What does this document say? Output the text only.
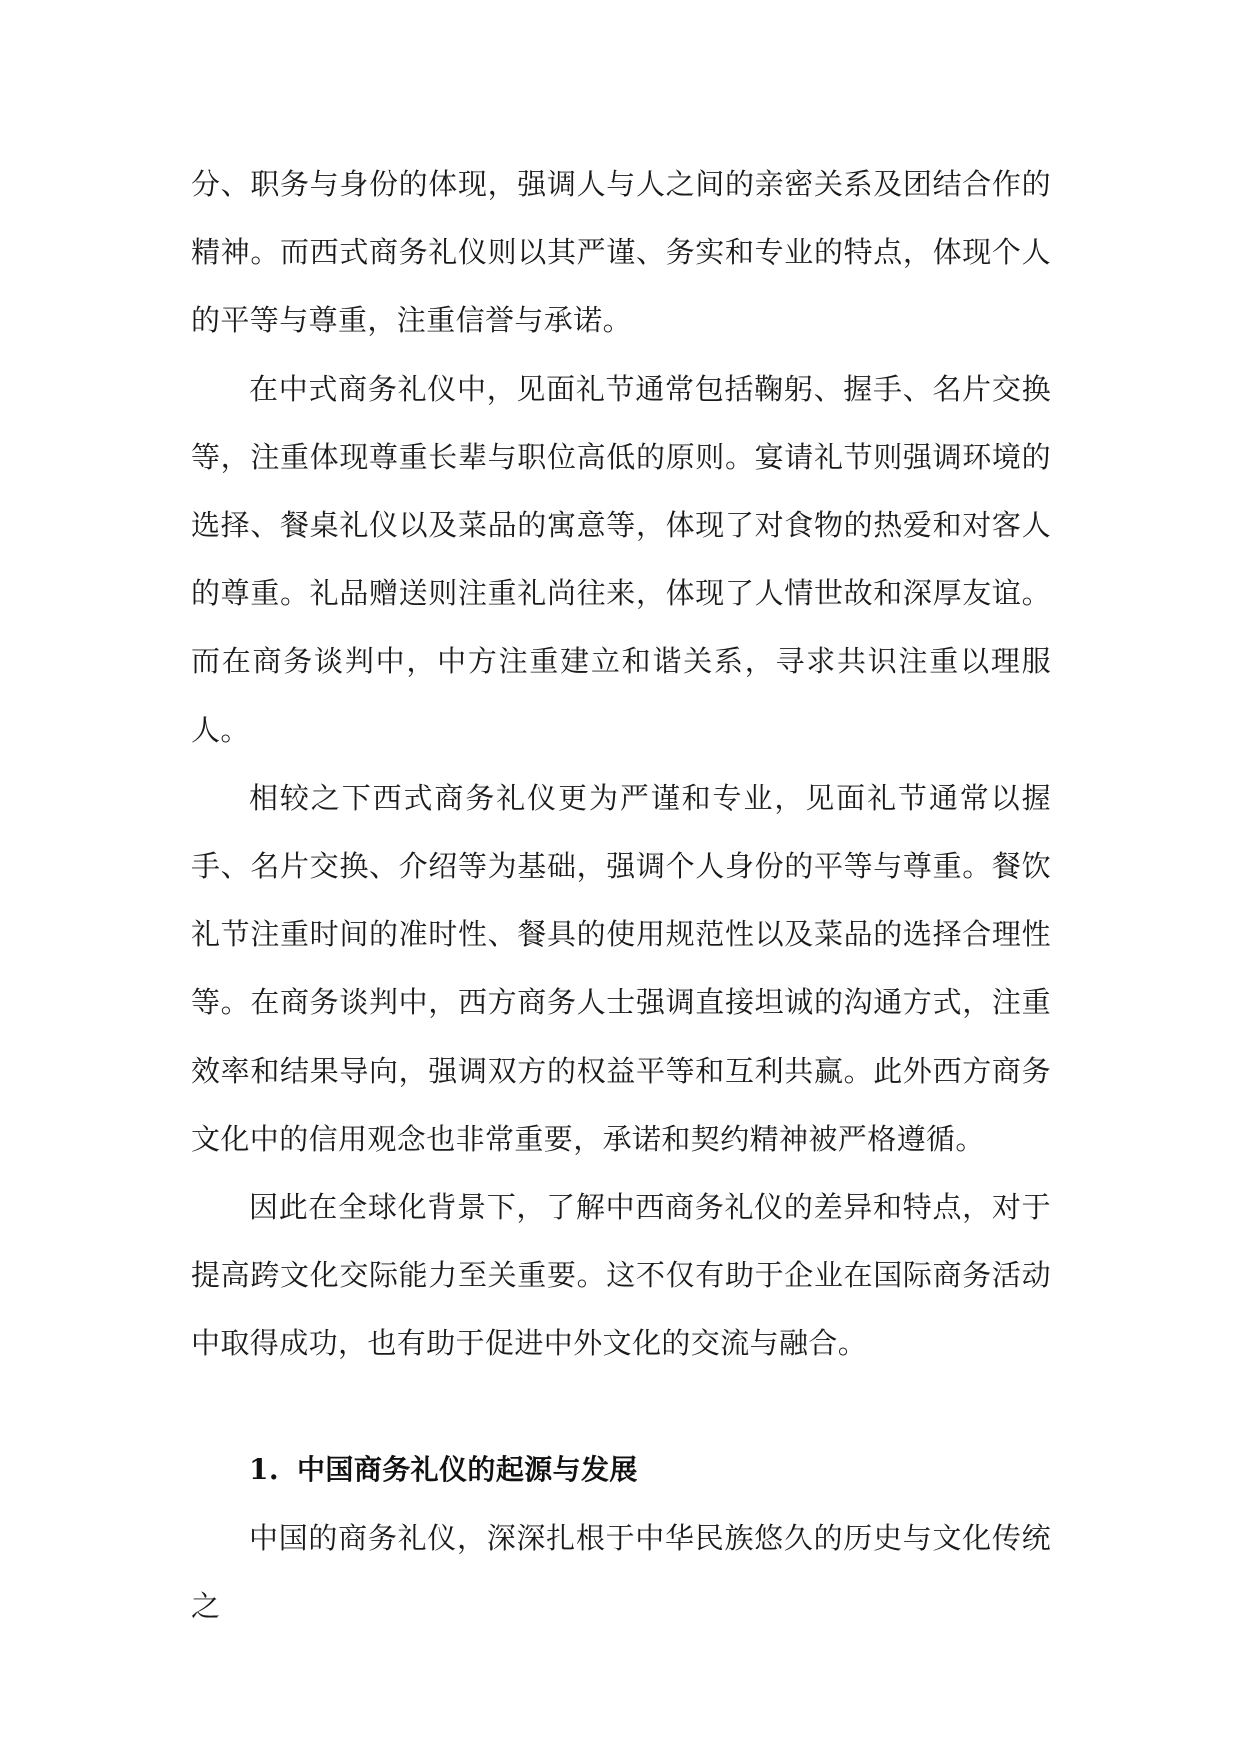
分、职务与身份的体现，强调人与人之间的亲密关系及团结合作的精神。而西式商务礼仪则以其严谨、务实和专业的特点，体现个人的平等与尊重，注重信誉与承诺。

在中式商务礼仪中，见面礼节通常包括鞠躬、握手、名片交换等，注重体现尊重长辈与职位高低的原则。宴请礼节则强调环境的选择、餐桌礼仪以及菜品的寓意等，体现了对食物的热爱和对客人的尊重。礼品赠送则注重礼尚往来，体现了人情世故和深厚友谊。而在商务谈判中，中方注重建立和谐关系，寻求共识注重以理服人。

相较之下西式商务礼仪更为严谨和专业，见面礼节通常以握手、名片交换、介绍等为基础，强调个人身份的平等与尊重。餐饮礼节注重时间的准时性、餐具的使用规范性以及菜品的选择合理性等。在商务谈判中，西方商务人士强调直接坦诚的沟通方式，注重效率和结果导向，强调双方的权益平等和互利共赢。此外西方商务文化中的信用观念也非常重要，承诺和契约精神被严格遵循。

因此在全球化背景下，了解中西商务礼仪的差异和特点，对于提高跨文化交际能力至关重要。这不仅有助于企业在国际商务活动中取得成功，也有助于促进中外文化的交流与融合。

1. 中国商务礼仪的起源与发展

中国的商务礼仪，深深扎根于中华民族悠久的历史与文化传统之
